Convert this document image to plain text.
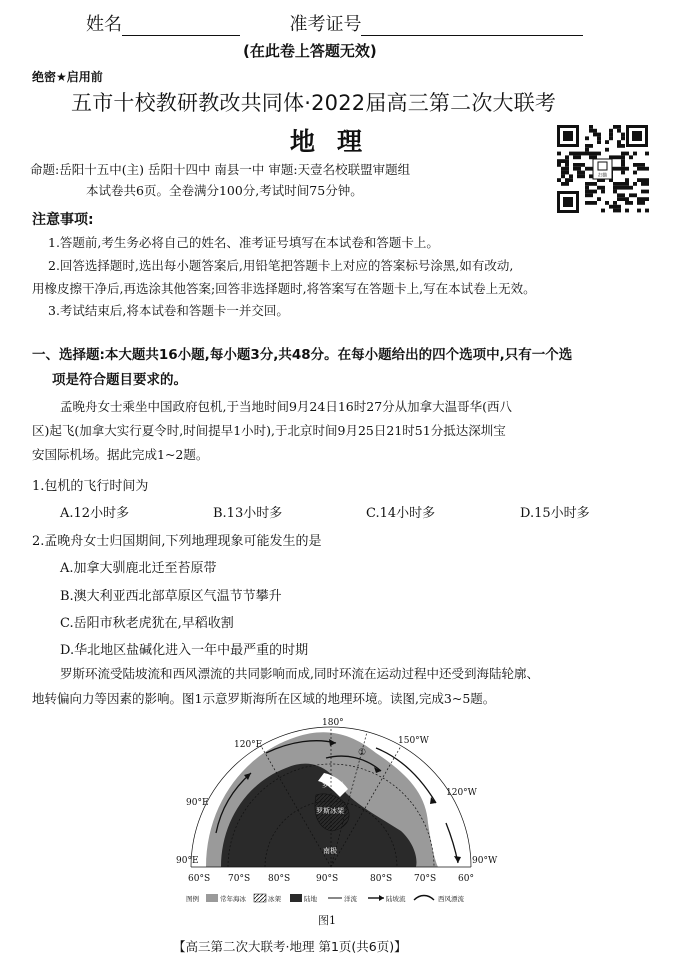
姓名	准考证号
(在此卷上答题无效)
绝密★启用前
五市十校教研教改共同体·2022届高三第二次大联考
地理
命题:岳阳十五中(主) 岳阳十四中 南县一中 审题:天壹名校联盟审题组
本试卷共6页。全卷满分100分,考试时间75分钟。
扫描
注意事项:
1.答题前,考生务必将自己的姓名、准考证号填写在本试卷和答题卡上。
2.回答选择题时,选出每小题答案后,用铅笔把答题卡上对应的答案标号涂黑,如有改动,
用橡皮擦干净后,再选涂其他答案;回答非选择题时,将答案写在答题卡上,写在本试卷上无效。
3.考试结束后,将本试卷和答题卡一并交回。
一、选择题:本大题共16小题,每小题3分,共48分。在每小题给出的四个选项中,只有一个选
项是符合题目要求的。
孟晚舟女士乘坐中国政府包机,于当地时间9月24日16时27分从加拿大温哥华(西八
区)起飞(加拿大实行夏令时,时间提早1小时),于北京时间9月25日21时51分抵达深圳宝
安国际机场。据此完成1~2题。
1.包机的飞行时间为
A.12小时多	B.13小时多	C.14小时多	D.15小时多
2.孟晚舟女士归国期间,下列地理现象可能发生的是
A.加拿大驯鹿北迁至苔原带
B.澳大利亚西北部草原区气温节节攀升
C.岳阳市秋老虎犹在,早稻收割
D.华北地区盐碱化进入一年中最严重的时期
罗斯环流受陆坡流和西风漂流的共同影响而成,同时环流在运动过程中还受到海陆轮廓、
地转偏向力等因素的影响。图1示意罗斯海所在区域的地理环境。读图,完成3~5题。
180°
150°W
120°E
120°W
90°E
90°E	90°W
①
罗斯海
罗斯冰架
南极
60°S 70°S 80°S	90°S	80°S 70°S 60°
图例	常年海冰	冰架	陆地	洋流	陆坡流	西风漂流
图1
【高三第二次大联考·地理 第1页(共6页)】
